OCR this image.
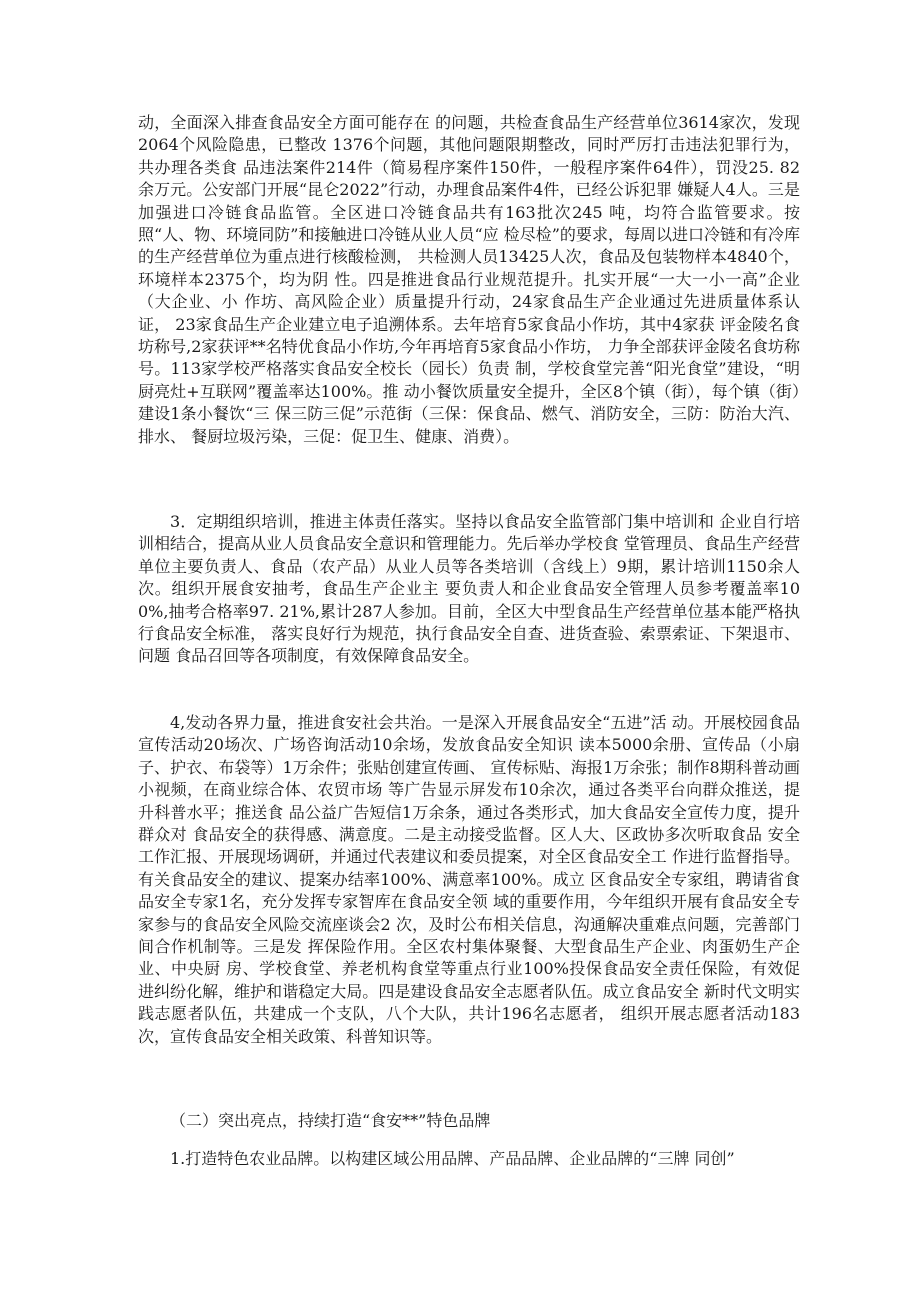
动，全面深入排查食品安全方面可能存在 的问题，共检查食品生产经营单位3614家次，发现2064个风险隐患，已整改 1376个问题，其他问题限期整改，同时严厉打击违法犯罪行为，共办理各类食 品违法案件214件（简易程序案件150件，一般程序案件64件），罚没25. 82 余万元。公安部门开展“昆仑2022”行动，办理食品案件4件，已经公诉犯罪 嫌疑人4人。三是加强进口冷链食品监管。全区进口冷链食品共有163批次245 吨，均符合监管要求。按照“人、物、环境同防”和接触进口冷链从业人员“应 检尽检”的要求，每周以进口冷链和有冷库的生产经营单位为重点进行核酸检测， 共检测人员13425人次，食品及包装物样本4840个，环境样本2375个，均为阴 性。四是推进食品行业规范提升。扎实开展“一大一小一高”企业（大企业、小 作坊、高风险企业）质量提升行动，24家食品生产企业通过先进质量体系认证， 23家食品生产企业建立电子追溯体系。去年培育5家食品小作坊，其中4家获 评金陵名食坊称号,2家获评**名特优食品小作坊,今年再培育5家食品小作坊， 力争全部获评金陵名食坊称号。113家学校严格落实食品安全校长（园长）负责 制，学校食堂完善“阳光食堂”建设，“明厨亮灶+互联网”覆盖率达100%。推 动小餐饮质量安全提升，全区8个镇（街），每个镇（街）建设1条小餐饮“三 保三防三促”示范街（三保：保食品、燃气、消防安全，三防：防治大汽、排水、 餐厨垃圾污染，三促：促卫生、健康、消费）。

3．定期组织培训，推进主体责任落实。坚持以食品安全监管部门集中培训和 企业自行培训相结合，提高从业人员食品安全意识和管理能力。先后举办学校食 堂管理员、食品生产经营单位主要负责人、食品（农产品）从业人员等各类培训（含线上）9期，累计培训1150余人次。组织开展食安抽考，食品生产企业主 要负责人和企业食品安全管理人员参考覆盖率100%,抽考合格率97. 21%,累计287人参加。目前，全区大中型食品生产经营单位基本能严格执行食品安全标准， 落实良好行为规范，执行食品安全自查、进货查验、索票索证、下架退市、问题 食品召回等各项制度，有效保障食品安全。

4,发动各界力量，推进食安社会共治。一是深入开展食品安全“五进”活 动。开展校园食品宣传活动20场次、广场咨询活动10余场，发放食品安全知识 读本5000余册、宣传品（小扇子、护衣、布袋等）1万余件；张贴创建宣传画、 宣传标贴、海报1万余张；制作8期科普动画小视频，在商业综合体、农贸市场 等广告显示屏发布10余次，通过各类平台向群众推送，提升科普水平；推送食 品公益广告短信1万余条，通过各类形式，加大食品安全宣传力度，提升群众对 食品安全的获得感、满意度。二是主动接受监督。区人大、区政协多次听取食品 安全工作汇报、开展现场调研，并通过代表建议和委员提案，对全区食品安全工 作进行监督指导。有关食品安全的建议、提案办结率100%、满意率100%。成立 区食品安全专家组，聘请省食品安全专家1名，充分发挥专家智库在食品安全领 域的重要作用，今年组织开展有食品安全专家参与的食品安全风险交流座谈会2 次，及时公布相关信息，沟通解决重难点问题，完善部门间合作机制等。三是发 挥保险作用。全区农村集体聚餐、大型食品生产企业、肉蛋奶生产企业、中央厨 房、学校食堂、养老机构食堂等重点行业100%投保食品安全责任保险，有效促 进纠纷化解，维护和谐稳定大局。四是建设食品安全志愿者队伍。成立食品安全 新时代文明实践志愿者队伍，共建成一个支队，八个大队，共计196名志愿者， 组织开展志愿者活动183次，宣传食品安全相关政策、科普知识等。

（二）突出亮点，持续打造“食安**”特色品牌

1.打造特色农业品牌。以构建区域公用品牌、产品品牌、企业品牌的“三牌 同创”
